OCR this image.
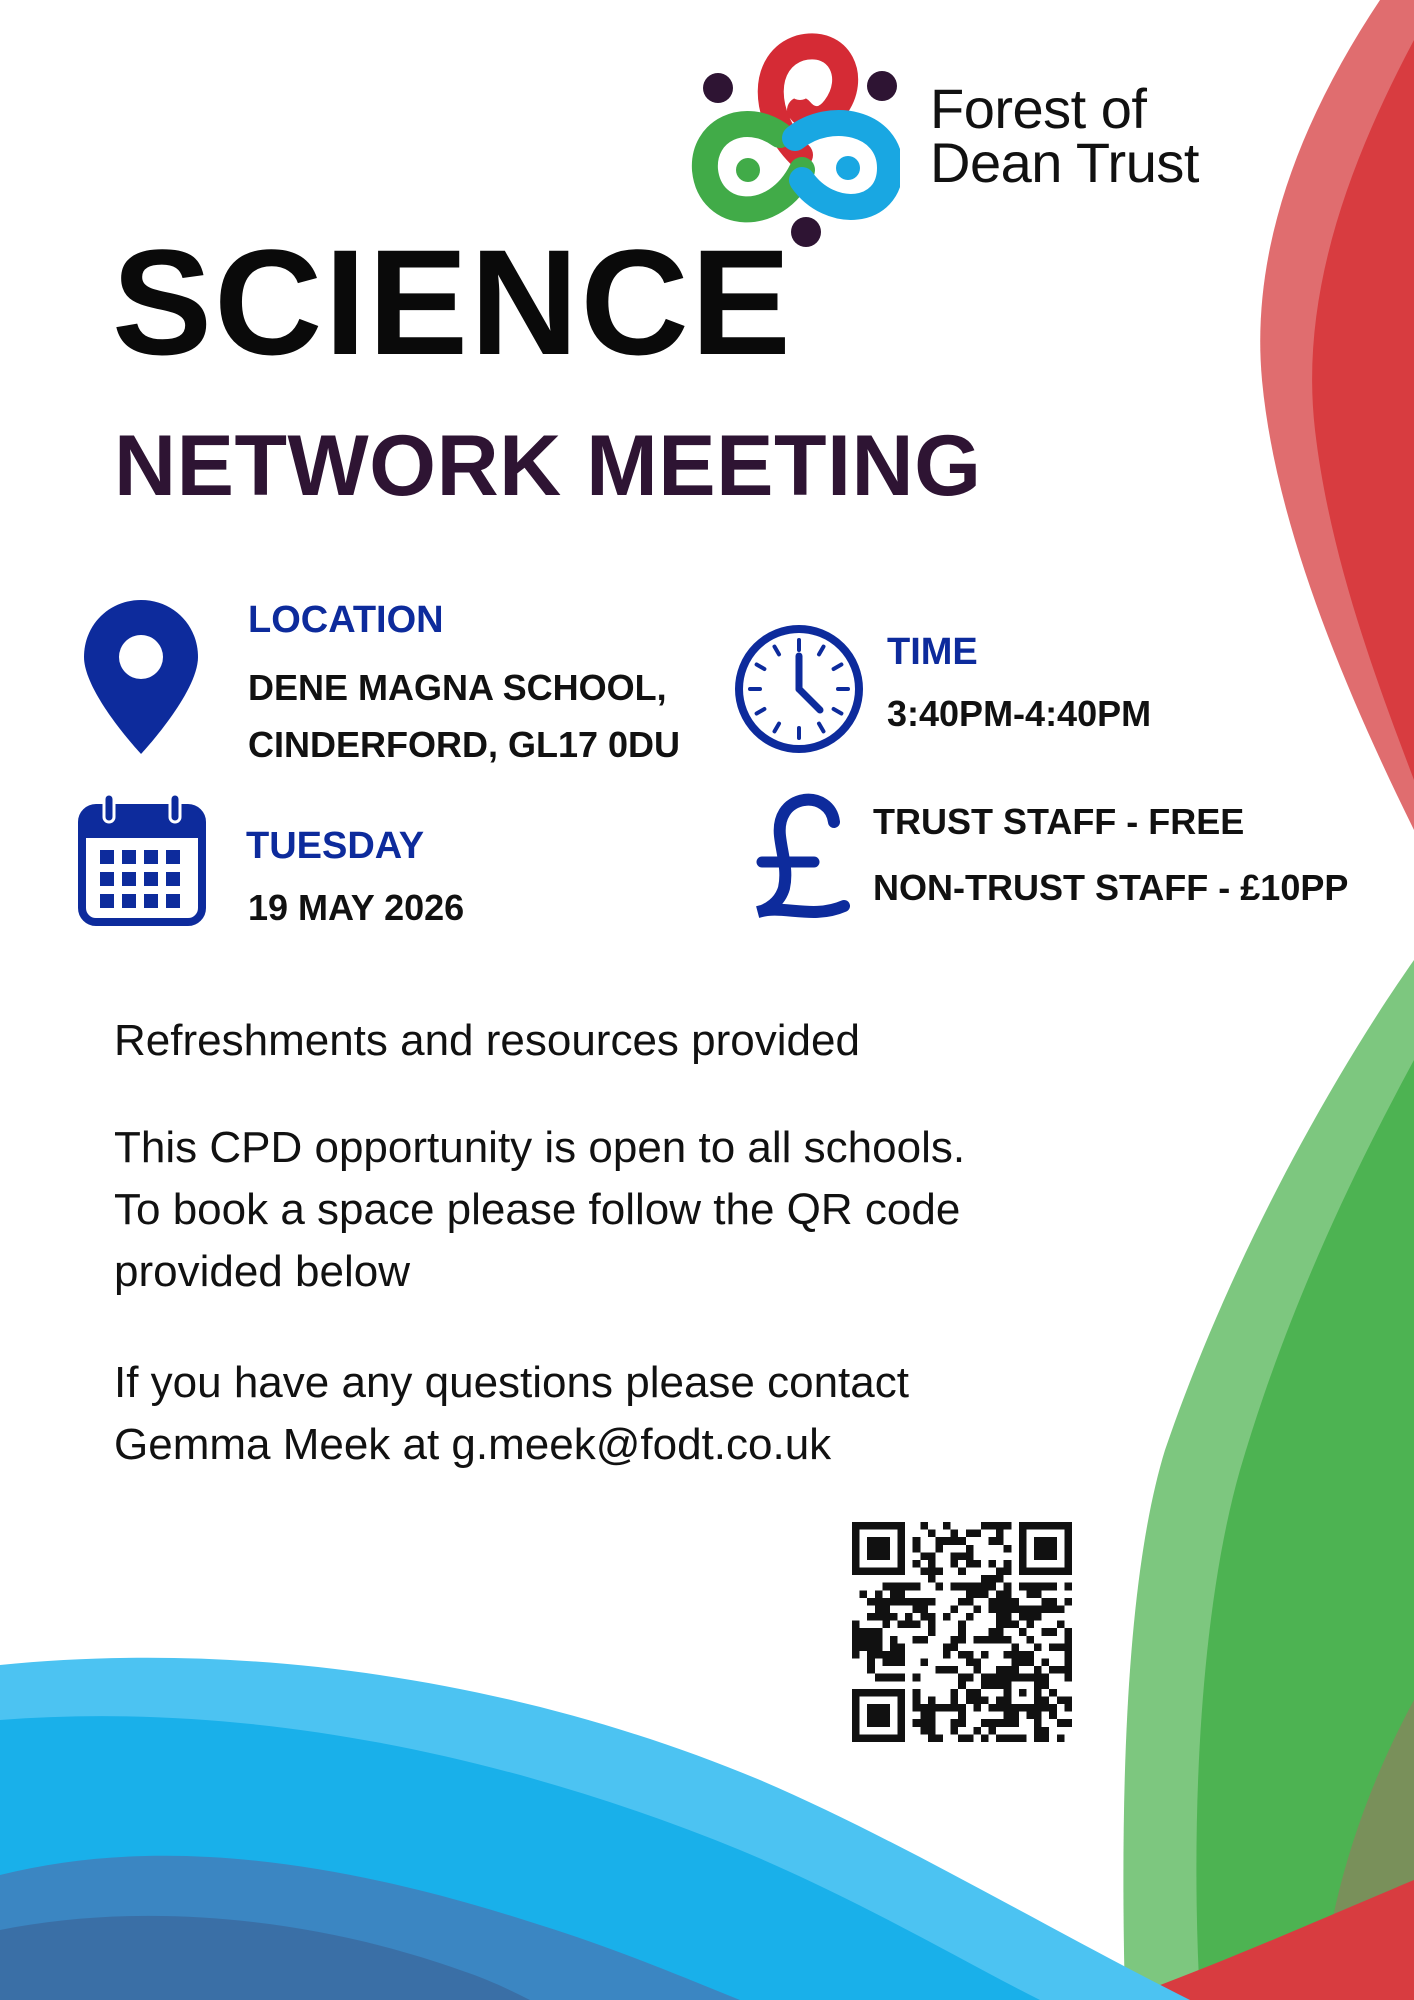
Forest of
Dean Trust
SCIENCE
NETWORK MEETING
LOCATION
DENE MAGNA SCHOOL,
CINDERFORD, GL17 0DU
TIME
3:40PM-4:40PM
TUESDAY
19 MAY 2026
TRUST STAFF - FREE
NON-TRUST STAFF - £10PP
Refreshments and resources provided
This CPD opportunity is open to all schools.
To book a space please follow the QR code
provided below
If you have any questions please contact
Gemma Meek at g.meek@fodt.co.uk
